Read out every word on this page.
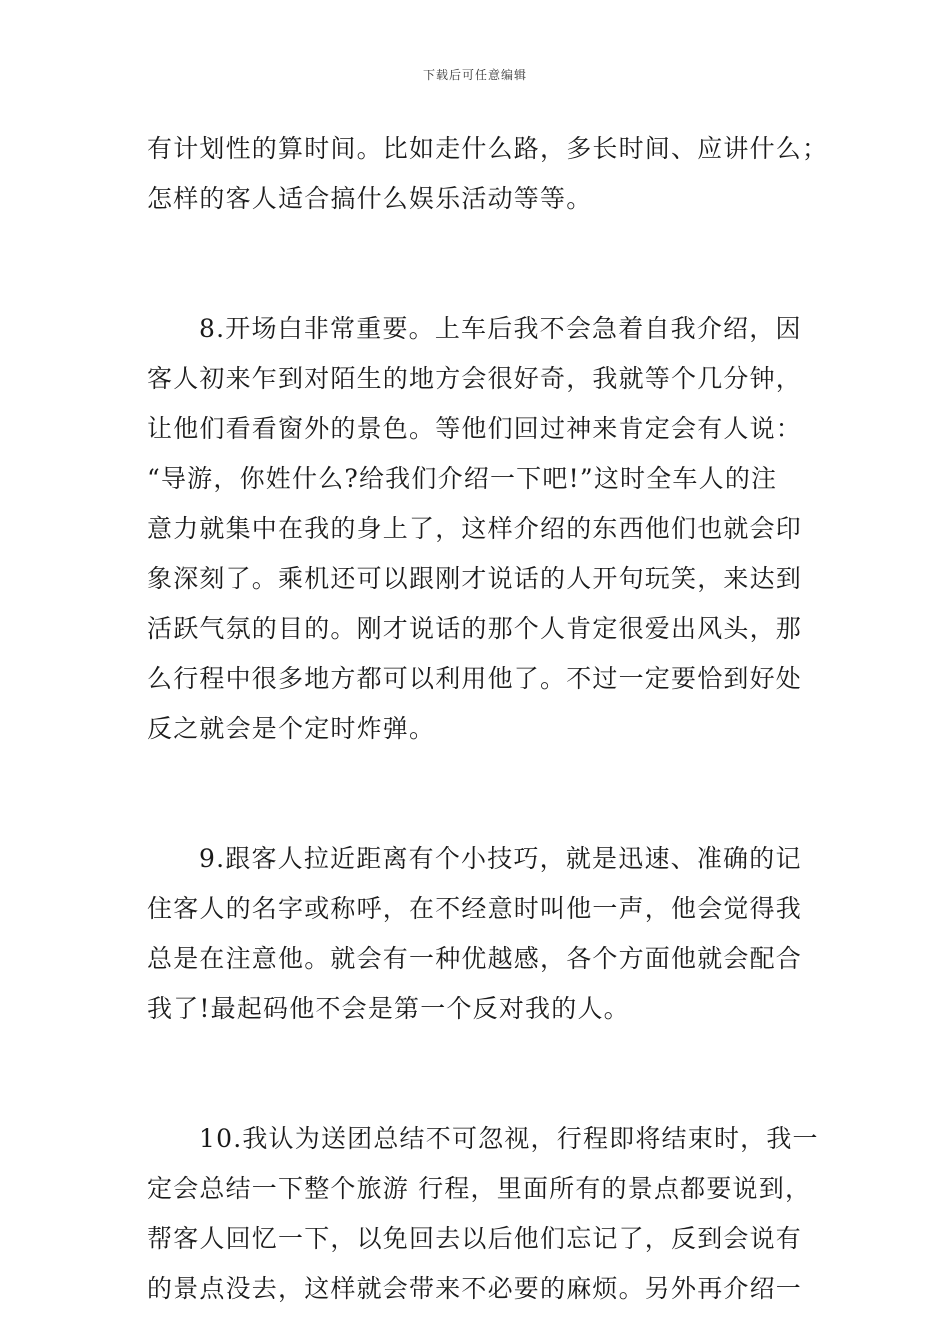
下载后可任意编辑
有计划性的算时间。比如走什么路，多长时间、应讲什么；
怎样的客人适合搞什么娱乐活动等等。
8.开场白非常重要。上车后我不会急着自我介绍，因
客人初来乍到对陌生的地方会很好奇，我就等个几分钟，
让他们看看窗外的景色。等他们回过神来肯定会有人说：
“导游，你姓什么?给我们介绍一下吧!”这时全车人的注
意力就集中在我的身上了，这样介绍的东西他们也就会印
象深刻了。乘机还可以跟刚才说话的人开句玩笑，来达到
活跃气氛的目的。刚才说话的那个人肯定很爱出风头，那
么行程中很多地方都可以利用他了。不过一定要恰到好处
反之就会是个定时炸弹。
9.跟客人拉近距离有个小技巧，就是迅速、准确的记
住客人的名字或称呼，在不经意时叫他一声，他会觉得我
总是在注意他。就会有一种优越感，各个方面他就会配合
我了!最起码他不会是第一个反对我的人。
10.我认为送团总结不可忽视，行程即将结束时，我一
定会总结一下整个旅游 行程，里面所有的景点都要说到，
帮客人回忆一下，以免回去以后他们忘记了，反到会说有
的景点没去，这样就会带来不必要的麻烦。另外再介绍一
